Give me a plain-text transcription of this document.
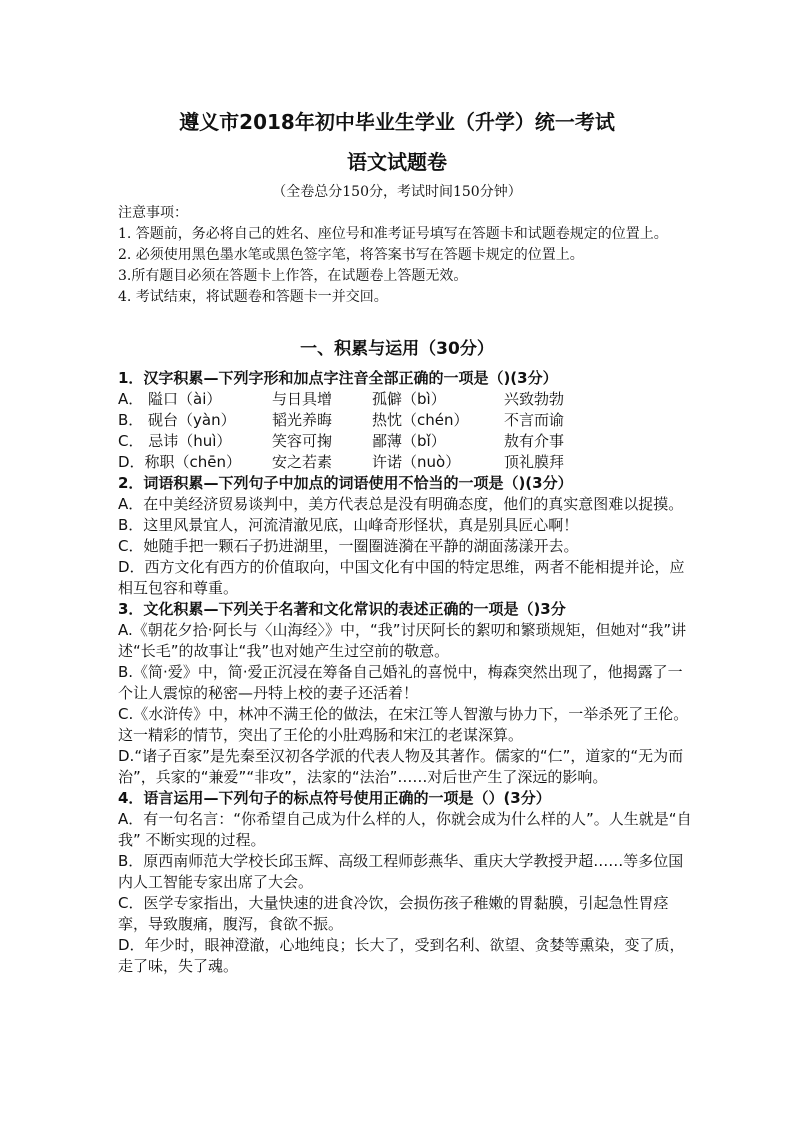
遵义市2018年初中毕业生学业（升学）统一考试
语文试题卷
（全卷总分150分，考试时间150分钟）

注意事项：

1. 答题前，务必将自己的姓名、座位号和准考证号填写在答题卡和试题卷规定的位置上。

2. 必须使用黑色墨水笔或黑色签字笔，将答案书写在答题卡规定的位置上。

3.所有题目必须在答题卡上作答，在试题卷上答题无效。

4. 考试结束，将试题卷和答题卡一并交回。

一、积累与运用（30分）

1．汉字积累—下列字形和加点字注音全部正确的一项是（)(3分）

A． 隘口（ài）	与日具增	孤僻（bì）	兴致勃勃
B． 砚台（yàn）	韬光养晦	热忱（chén）	不言而谕
C． 忌讳（huì）	笑容可掬	鄙薄（bǐ）	敖有介事
D．称职（chēn）	安之若素	许诺（nuò）	顶礼膜拜

2．词语积累—下列句子中加点的词语使用不恰当的一项是（)(3分）

A．在中美经济贸易谈判中，美方代表总是没有明确态度，他们的真实意图难以捉摸。

B．这里风景宜人，河流清澈见底，山峰奇形怪状，真是别具匠心啊！

C．她随手把一颗石子扔进湖里，一圈圈涟漪在平静的湖面荡漾开去。

D．西方文化有西方的价值取向，中国文化有中国的特定思维，两者不能相提并论，应相互包容和尊重。

3．文化积累—下列关于名著和文化常识的表述正确的一项是（)3分

A.《朝花夕拾·阿长与〈山海经〉》中，“我”讨厌阿长的絮叨和繁琐规矩，但她对“我”讲述“长毛”的故事让“我”也对她产生过空前的敬意。

B.《简·爱》中，简·爱正沉浸在筹备自己婚礼的喜悦中，梅森突然出现了，他揭露了一个让人震惊的秘密—丹特上校的妻子还活着！

C.《水浒传》中，林冲不满王伦的做法，在宋江等人智激与协力下，一举杀死了王伦。这一精彩的情节，突出了王伦的小肚鸡肠和宋江的老谋深算。

D.“诸子百家”是先秦至汉初各学派的代表人物及其著作。儒家的“仁”，道家的“无为而治”，兵家的“兼爱”“非攻”，法家的“法治”……对后世产生了深远的影响。

4．语言运用—下列句子的标点符号使用正确的一项是（）(3分）

A．有一句名言：“你希望自己成为什么样的人，你就会成为什么样的人”。人生就是“自我” 不断实现的过程。

B．原西南师范大学校长邱玉辉、高级工程师彭燕华、重庆大学教授尹超……等多位国内人工智能专家出席了大会。

C．医学专家指出，大量快速的进食冷饮，会损伤孩子稚嫩的胃黏膜，引起急性胃痉挛，导致腹痛，腹泻，食欲不振。

D．年少时，眼神澄澈，心地纯良；长大了，受到名利、欲望、贪婪等熏染，变了质，走了味，失了魂。
